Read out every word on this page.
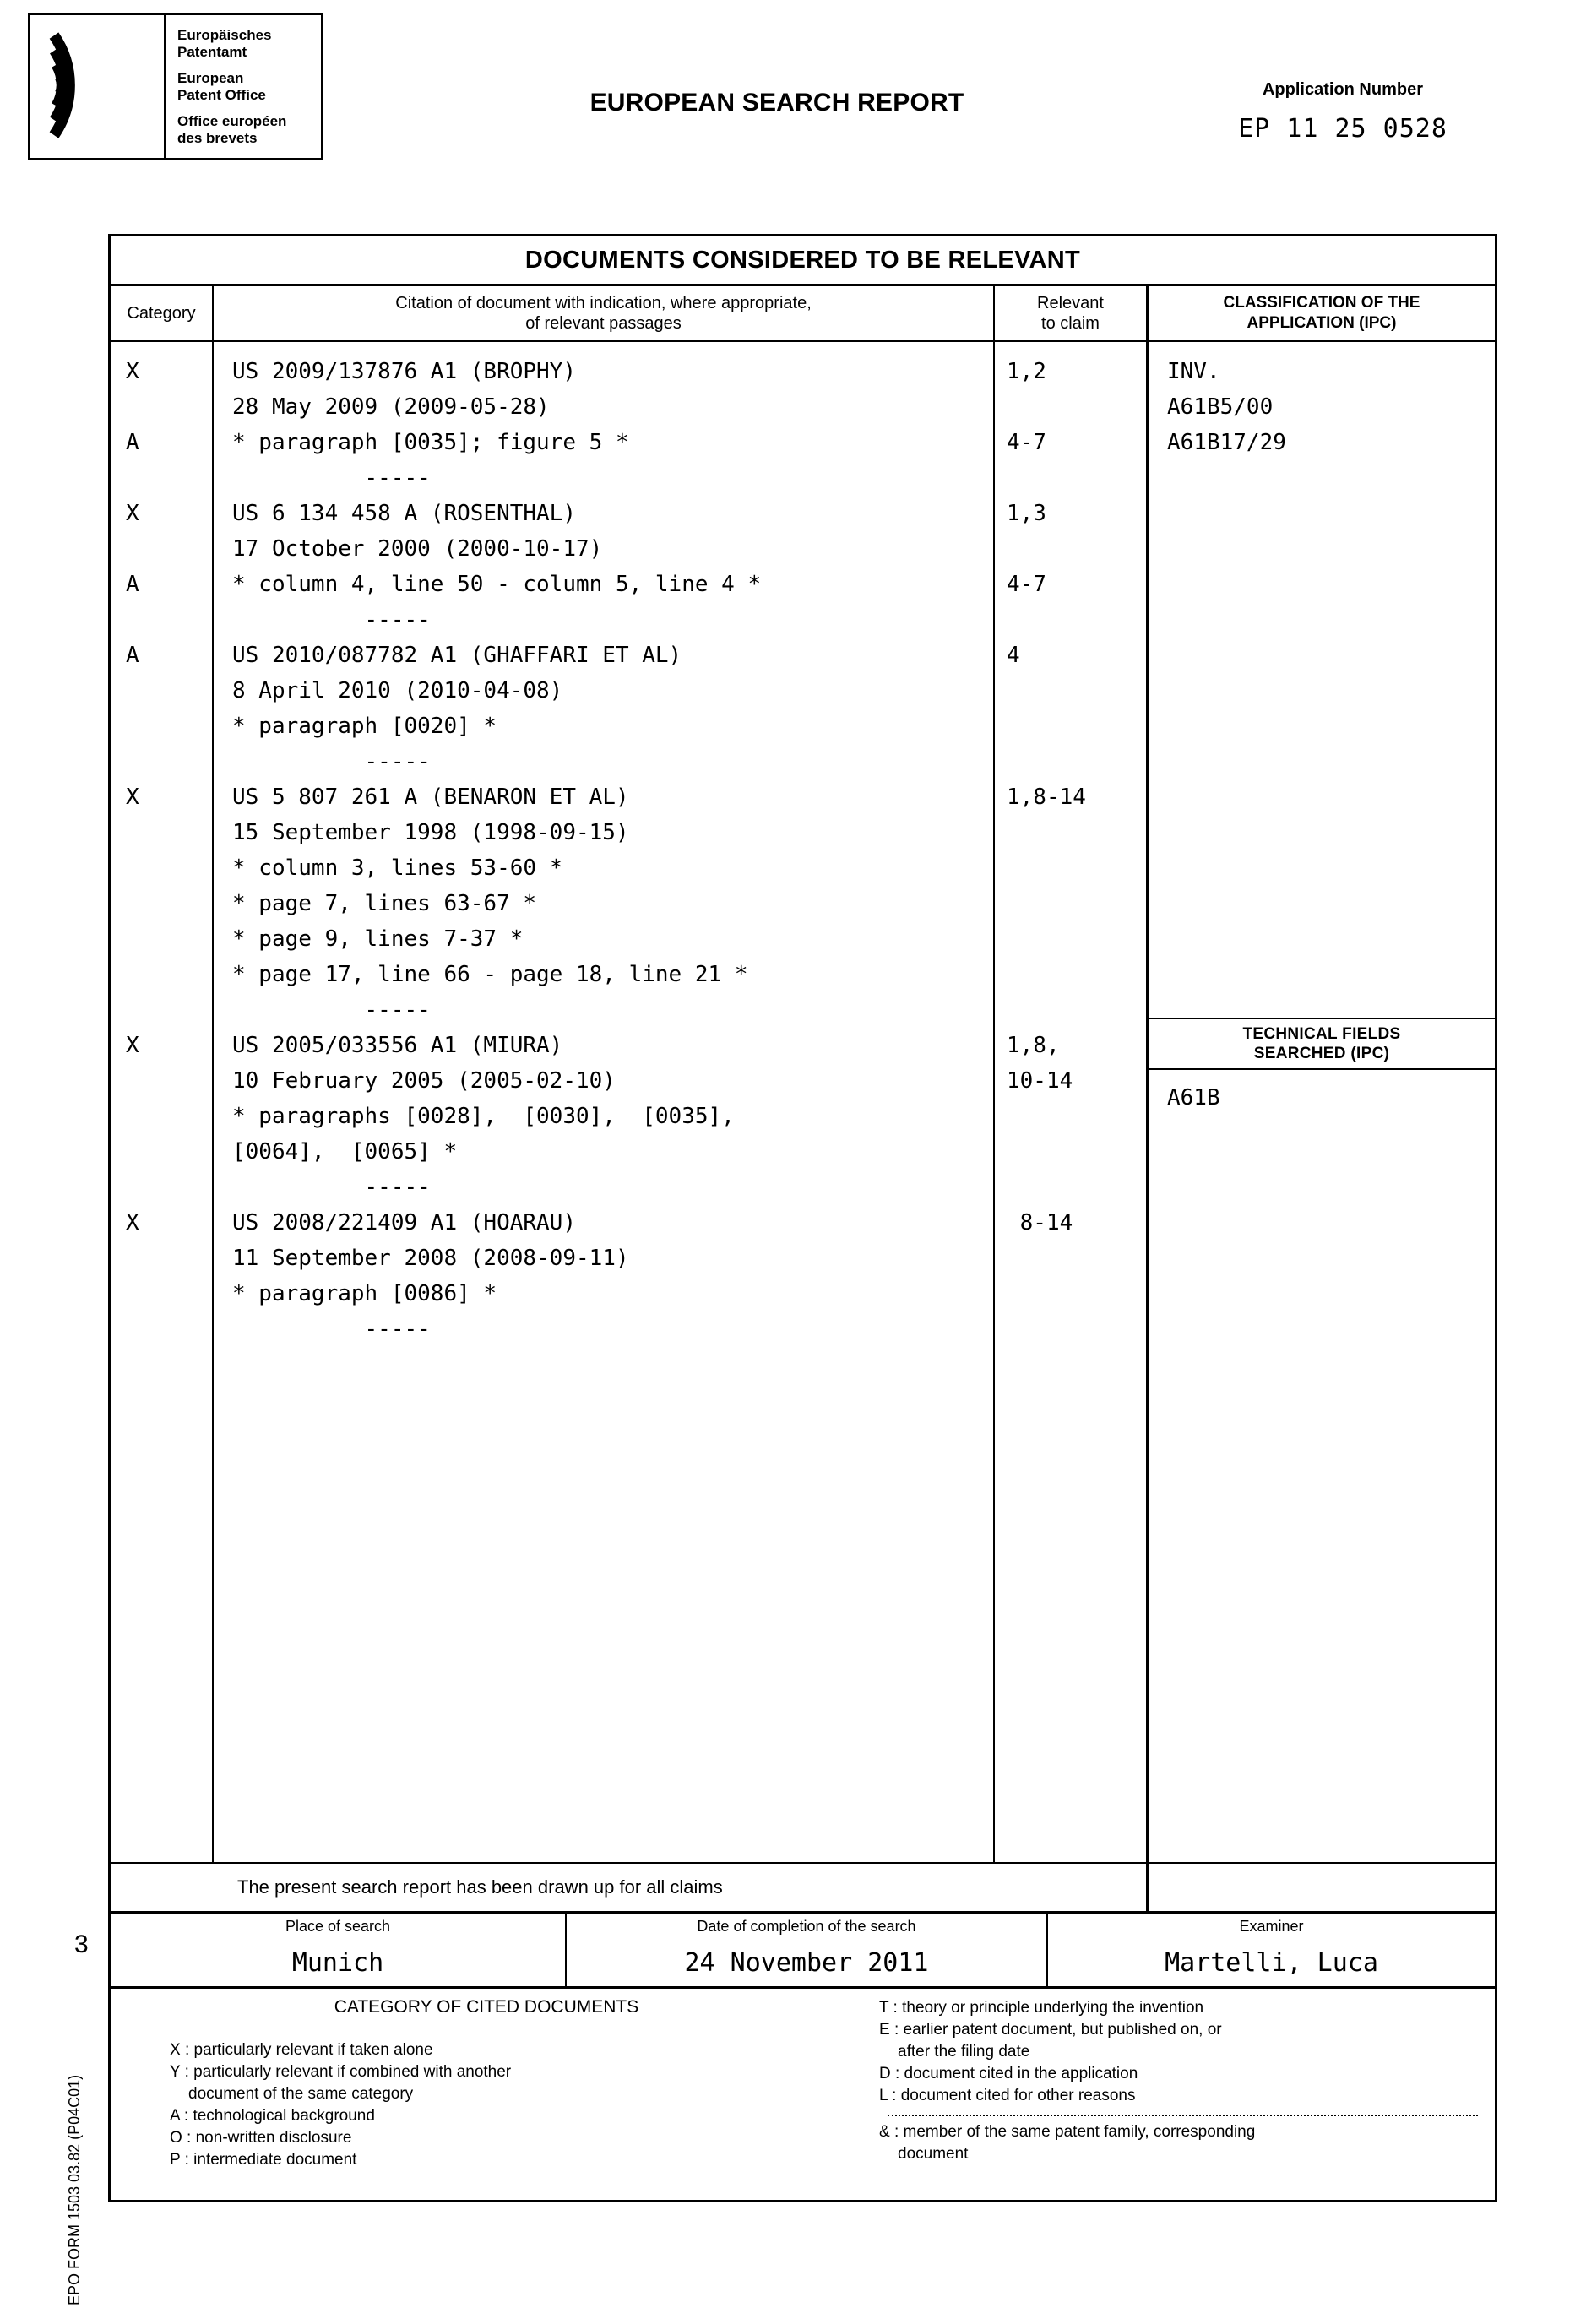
Europäisches
Patentamt
European
Patent Office
Office européen
des brevets
EUROPEAN SEARCH REPORT	Application Number
EP 11 25 0528
DOCUMENTS CONSIDERED TO BE RELEVANT
Category
X

A

X

A

A

X

X

X
Citation of document with indication, where appropriate,
of relevant passages
US 2009/137876 A1 (BROPHY)
28 May 2009 (2009-05-28)
* paragraph [0035]; figure 5 *
-----
US 6 134 458 A (ROSENTHAL)
17 October 2000 (2000-10-17)
* column 4, line 50 - column 5, line 4 *
-----
US 2010/087782 A1 (GHAFFARI ET AL)
8 April 2010 (2010-04-08)
* paragraph [0020] *
-----
US 5 807 261 A (BENARON ET AL)
15 September 1998 (1998-09-15)
* column 3, lines 53-60 *
* page 7, lines 63-67 *
* page 9, lines 7-37 *
* page 17, line 66 - page 18, line 21 *
-----
US 2005/033556 A1 (MIURA)
10 February 2005 (2005-02-10)
* paragraphs [0028],  [0030],  [0035],
[0064],  [0065] *
-----
US 2008/221409 A1 (HOARAU)
11 September 2008 (2008-09-11)
* paragraph [0086] *
-----
Relevant
to claim
1,2

4-7

1,3

4-7

4

1,8-14

1,8,
10-14

8-14
CLASSIFICATION OF THE
APPLICATION (IPC)
INV.
A61B5/00
A61B17/29
TECHNICAL FIELDS
SEARCHED (IPC)
A61B
The present search report has been drawn up for all claims
Place of search
Munich
Date of completion of the search
24 November 2011
Examiner
Martelli, Luca
CATEGORY OF CITED DOCUMENTS
X : particularly relevant if taken alone
Y : particularly relevant if combined with another
document of the same category
A : technological background
O : non-written disclosure
P : intermediate document
T : theory or principle underlying the invention
E : earlier patent document, but published on, or
after the filing date
D : document cited in the application
L : document cited for other reasons
& : member of the same patent family, corresponding
document
3
EPO FORM 1503 03.82 (P04C01)
